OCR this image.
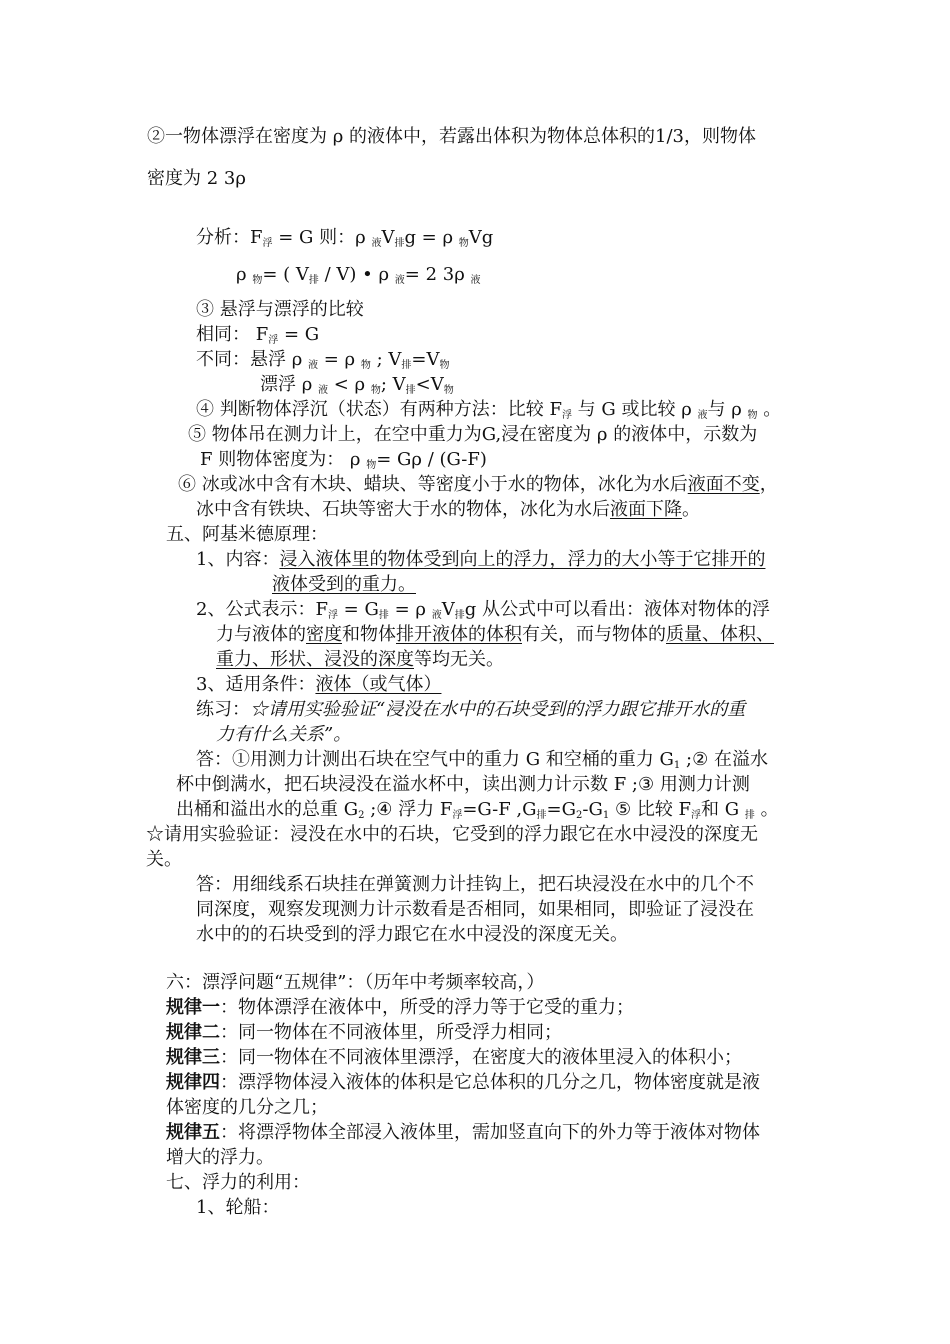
②一物体漂浮在密度为 ρ 的液体中，若露出体积为物体总体积的1/3，则物体
密度为 2 3ρ
分析：$F_浮 = G$ 则：ρ $_液V_排g = \rho$ $_物$Vg
ρ $_物$= ( $V_排 / V$) • ρ $_液$= 2 3ρ $_液$
③ 悬浮与漂浮的比较
相同： $F_浮 = G$
不同：悬浮 ρ $_液$ = ρ $_物$ ; $V_排=V_物$
漂浮 ρ $_液$ < ρ $_物$; $V_排<V_物$
④ 判断物体浮沉（状态）有两种方法：比较 $F_浮$ 与 G 或比较 ρ $_液$与 ρ $_物$ 。
⑤ 物体吊在测力计上，在空中重力为G,浸在密度为 ρ 的液体中，示数为
F 则物体密度为： ρ $_物$= Gρ / (G-F)
⑥ 冰或冰中含有木块、蜡块、等密度小于水的物体，冰化为水后液面不变，
冰中含有铁块、石块等密大于水的物体，冰化为水后液面下降。
五、阿基米德原理：
1、内容：浸入液体里的物体受到向上的浮力，浮力的大小等于它排开的
液体受到的重力。
2、公式表示：$F_浮 = G_排 = \rho$ $_液V_排g$ 从公式中可以看出：液体对物体的浮
力与液体的密度和物体排开液体的体积有关，而与物体的质量、体积、
重力、形状、浸没的深度等均无关。
3、适用条件：液体（或气体）
练习：☆请用实验验证“浸没在水中的石块受到的浮力跟它排开水的重
力有什么关系”。
答：①用测力计测出石块在空气中的重力 G 和空桶的重力 $G_1$ ;② 在溢水
杯中倒满水，把石块浸没在溢水杯中，读出测力计示数 F ;③ 用测力计测
出桶和溢出水的总重 $G_2$ ;④ 浮力 $F_浮=G-F$ $,G_排=G_2-G_1$ ⑤ 比较 $F_浮$和 G $_排$ 。
☆请用实验验证：浸没在水中的石块，它受到的浮力跟它在水中浸没的深度无
关。
答：用细线系石块挂在弹簧测力计挂钩上，把石块浸没在水中的几个不
同深度，观察发现测力计示数看是否相同，如果相同，即验证了浸没在
水中的的石块受到的浮力跟它在水中浸没的深度无关。
六：漂浮问题“五规律”：（历年中考频率较高，）
规律一：物体漂浮在液体中，所受的浮力等于它受的重力；
规律二：同一物体在不同液体里，所受浮力相同；
规律三：同一物体在不同液体里漂浮，在密度大的液体里浸入的体积小；
规律四：漂浮物体浸入液体的体积是它总体积的几分之几，物体密度就是液
体密度的几分之几；
规律五：将漂浮物体全部浸入液体里，需加竖直向下的外力等于液体对物体
增大的浮力。
七、浮力的利用：
1、轮船：
